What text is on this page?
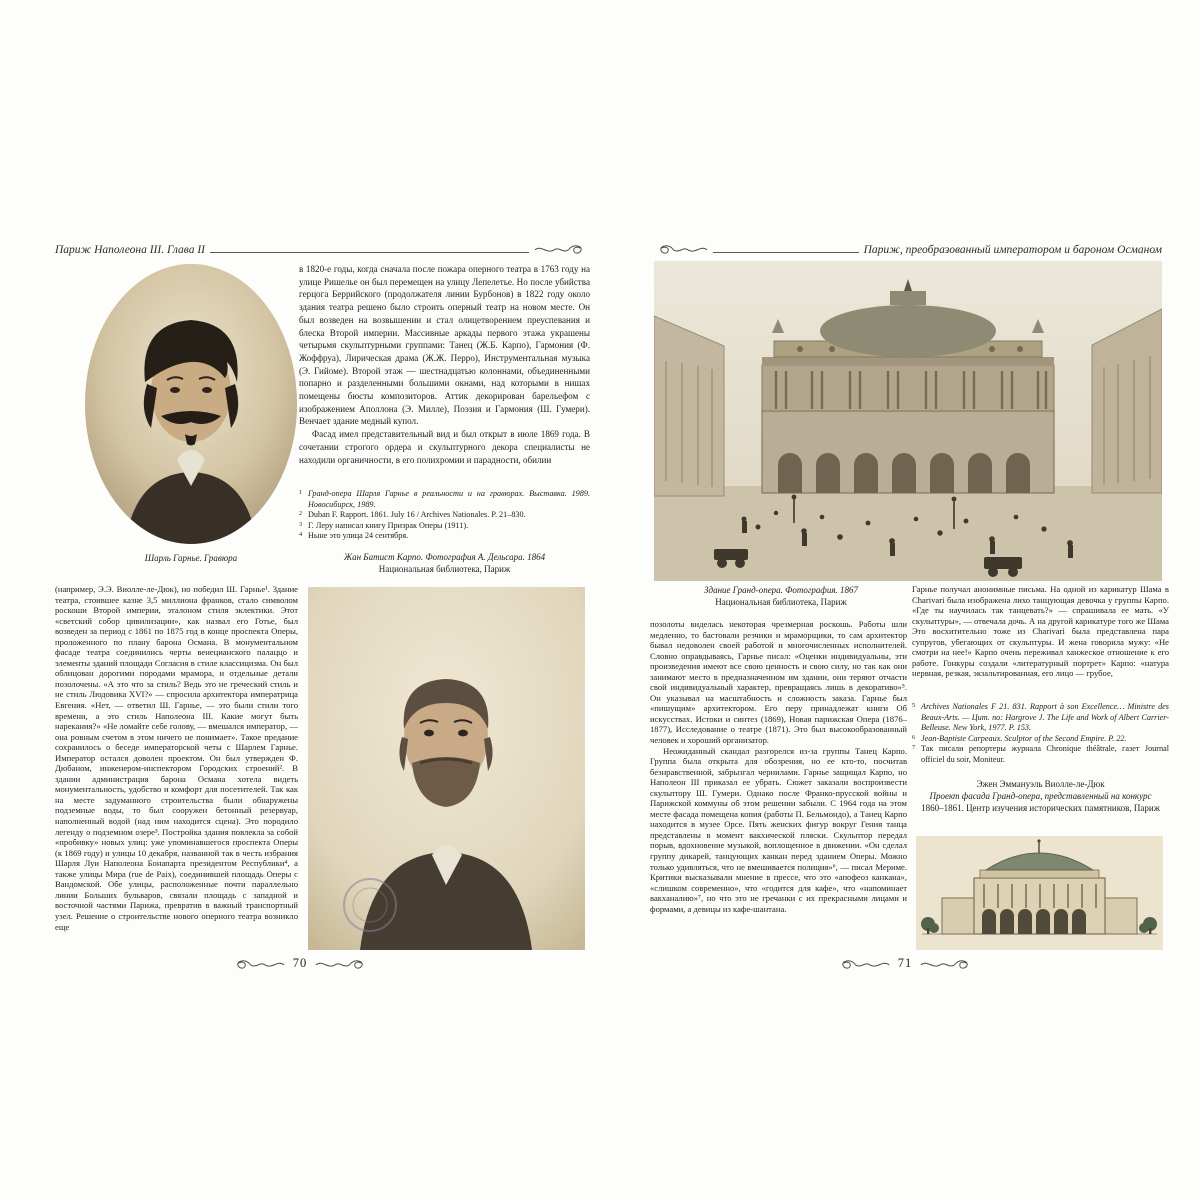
Париж Наполеона III. Глава II
Шарль Гарнье. Гравюра

в 1820-е годы, когда сначала после пожара оперного театра в 1763 году на улице Ришелье он был перемещен на улицу Лепелетье. Но после убийства герцога Беррийского (продолжателя линии Бурбонов) в 1822 году около здания театра решено было строить оперный театр на новом месте. Он был возведен на возвышении и стал олицетворением преуспевания и блеска Второй империи. Массивные аркады первого этажа украшены четырьмя скульптурными группами: Танец (Ж.Б. Карпо), Гармония (Ф. Жоффруа), Лирическая драма (Ж.Ж. Перро), Инструментальная музыка (Э. Гийоме). Второй этаж — шестнадцатью колоннами, объединенными попарно и разделенными большими окнами, над которыми в нишах помещены бюсты композиторов. Аттик декорирован барельефом с изображением Аполлона (Э. Милле), Поэзия и Гармония (Ш. Гумери). Венчает здание медный купол.

Фасад имел представительный вид и был открыт в июле 1869 года. В сочетании строгого ордера и скульптурного декора специалисты не находили органичности, в его полихромии и парадности, обилии

1 Гранд-опера Шарля Гарнье в реальности и на гравюрах. Выставка. 1989. Новосибирск, 1989.
2 Duban F. Rapport. 1861. July 16 / Archives Nationales. P. 21–830.
3 Г. Леру написал книгу Призрак Оперы (1911).
4 Ныне это улица 24 сентября.
Жан Батист Карпо. Фотография А. Дельсара. 1864
Национальная библиотека, Париж

(например, Э.Э. Виолле-ле-Дюк), но победил Ш. Гарнье¹. Здание театра, стоившее казне 3,5 миллиона франков, стало символом роскоши Второй империи, эталоном стиля эклектики. Этот «светский собор цивилизации», как назвал его Готье, был возведен за период с 1861 по 1875 год в конце проспекта Оперы, проложенного по плану барона Османа. В монументальном фасаде театра соединились черты венецианского палаццо и элементы зданий площади Согласия в стиле классицизма. Он был облицован дорогими породами мрамора, и отдельные детали позолочены. «А это что за стиль? Ведь это не греческий стиль и не стиль Людовика XVI?» — спросила архитектора императрица Евгения. «Нет, — ответил Ш. Гарнье, — это были стили того времени, а это стиль Наполеона III. Какие могут быть нарекания?» «Не ломайте себе голову, — вмешался император, — она ровным счетом в этом ничего не понимает». Такое предание сохранилось о беседе императорской четы с Шарлем Гарнье. Император остался доволен проектом. Он был утвержден Ф. Дюбаном, инженером-инспектором Городских строений². В здании администрация барона Османа хотела видеть монументальность, удобство и комфорт для посетителей. Так как на месте задуманного строительства были обнаружены подземные воды, то был сооружен бетонный резервуар, наполненный водой (над ним находится сцена). Это породило легенду о подземном озере³. Постройка здания повлекла за собой «пробивку» новых улиц: уже упоминавшегося проспекта Оперы (к 1869 году) и улицы 10 декабря, названной так в честь избрания Шарля Луи Наполеона Бонапарта президентом Республики⁴, а также улицы Мира (rue de Paix), соединившей площадь Оперы с Вандомской. Обе улицы, расположенные почти параллельно линии Больших бульваров, связали площадь с западной и восточной частями Парижа, превратив в важный транспортный узел. Решение о строительстве нового оперного театра возникло еще

70
Париж, преобразованный императором и бароном Османом
Здание Гранд-опера. Фотография. 1867
Национальная библиотека, Париж

позолоты виделась некоторая чрезмерная роскошь. Работы шли медленно, то бастовали резчики и мраморщики, то сам архитектор бывал недоволен своей работой и многочисленных исполнителей. Словно оправдываясь, Гарнье писал: «Оценки индивидуальны, эти произведения имеют все свою ценность и свою силу, но так как они занимают место в предназначенном им здании, они теряют отчасти свой индивидуальный характер, превращаясь лишь в декоративо»⁵. Он указывал на масштабность и сложность заказа. Гарнье был «пишущим» архитектором. Его перу принадлежат книги Об искусствах. Истоки и синтез (1869), Новая парижская Опера (1876–1877), Исследование о театре (1871). Это был высокообразованный человек и хороший организатор.

Неожиданный скандал разгорелся из-за группы Танец Карпо. Группа была открыта для обозрения, но ее кто-то, посчитав безнравственной, забрызгал чернилами. Гарнье защищал Карпо, но Наполеон III приказал ее убрать. Сюжет заказали воспроизвести скульптору Ш. Гумери. Однако после Франко-прусской войны и Парижской коммуны об этом решении забыли. С 1964 года на этом месте фасада помещена копия (работы П. Бельмондо), а Танец Карпо находится в музее Орсе. Пять женских фигур вокруг Гения танца представлены в момент вакхической пляски. Скульптор передал порыв, вдохновение музыкой, воплощенное в движении. «Он сделал группу дикарей, танцующих канкан перед зданием Оперы. Можно только удивляться, что не вмешивается полиция»⁶, — писал Мериме. Критики высказывали мнение в прессе, что это «апофеоз канкана», «слишком современно», что «годится для кафе», что «напоминает вакханалию»⁷, но что это не гречанки с их прекрасными лицами и формами, а девицы из кафе-шантана.

Гарнье получал анонимные письма. На одной из карикатур Шама в Charivari была изображена лихо танцующая девочка у группы Карпо. «Где ты научилась так танцевать?» — спрашивала ее мать. «У скульптуры», — отвечала дочь. А на другой карикатуре того же Шама Это восхитительно тоже из Charivari была представлена пара супругов, убегающих от скульптуры. И жена говорила мужу: «Не смотри на нее!» Карпо очень переживал ханжеское отношение к его работе. Гонкуры создали «литературный портрет» Карпо: «натура нервная, резкая, экзальтированная, его лицо — грубое,

5 Archives Nationales F 21. 831. Rapport à son Excellence… Ministre des Beaux-Arts. — Цит. по: Hargrove J. The Life and Work of Albert Carrier-Belleuse. New York, 1977. P. 153.
6 Jean-Baptiste Carpeaux. Sculptor of the Second Empire. P. 22.
7 Так писали репортеры журнала Chronique théâtrale, газет Journal officiel du soir, Moniteur.
Эжен Эммануэль Виолле-ле-Дюк
Проект фасада Гранд-опера, представленный на конкурс
1860–1861. Центр изучения исторических памятников, Париж
71
